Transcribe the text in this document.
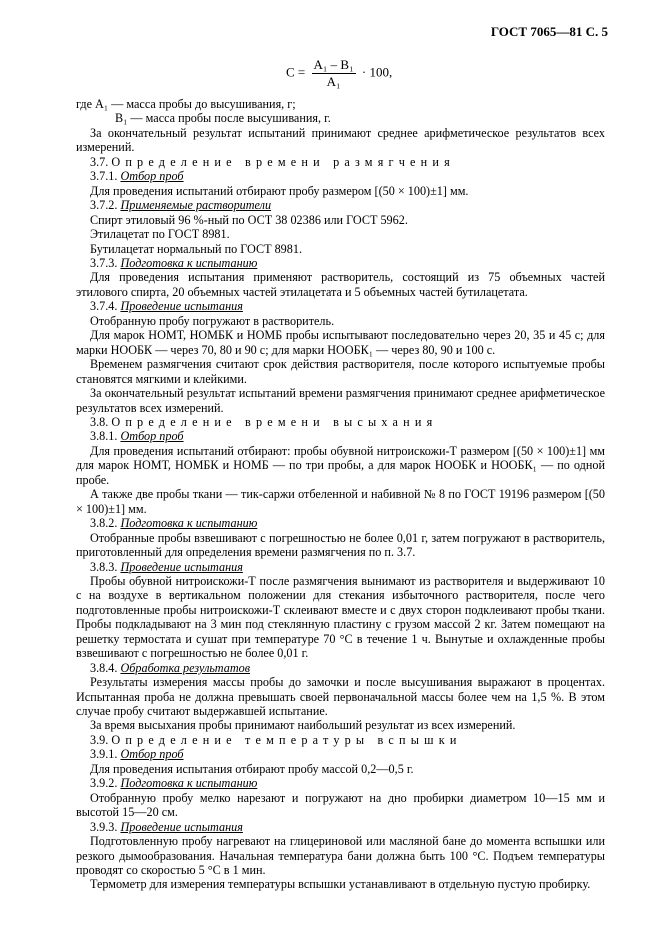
ГОСТ 7065—81 С. 5
$C = \frac{\text{A₁ – B₁}}{\text{A₁}} \cdot 100$,

где A₁ — масса пробы до высушивания, г;

B₁ — масса пробы после высушивания, г.

За окончательный результат испытаний принимают среднее арифметическое результатов всех измерений.

3.7. Определение времени размягчения

3.7.1. Отбор проб

Для проведения испытаний отбирают пробу размером [(50 × 100)±1] мм.

3.7.2. Применяемые растворители

Спирт этиловый 96 %-ный по ОСТ 38 02386 или ГОСТ 5962.

Этилацетат по ГОСТ 8981.

Бутилацетат нормальный по ГОСТ 8981.

3.7.3. Подготовка к испытанию

Для проведения испытания применяют растворитель, состоящий из 75 объемных частей этилового спирта, 20 объемных частей этилацетата и 5 объемных частей бутилацетата.

3.7.4. Проведение испытания

Отобранную пробу погружают в растворитель.

Для марок НОМТ, НОМБК и НОМБ пробы испытывают последовательно через 20, 35 и 45 с; для марки НООБК — через 70, 80 и 90 с; для марки НООБК₁ — через 80, 90 и 100 с.

Временем размягчения считают срок действия растворителя, после которого испытуемые пробы становятся мягкими и клейкими.

За окончательный результат испытаний времени размягчения принимают среднее арифметическое результатов всех измерений.

3.8. Определение времени высыхания

3.8.1. Отбор проб

Для проведения испытаний отбирают: пробы обувной нитроискожи-Т размером [(50 × 100)±1] мм для марок НОМТ, НОМБК и НОМБ — по три пробы, а для марок НООБК и НООБК₁ — по одной пробе.

А также две пробы ткани — тик-саржи отбеленной и набивной № 8 по ГОСТ 19196 размером [(50 × 100)±1] мм.

3.8.2. Подготовка к испытанию

Отобранные пробы взвешивают с погрешностью не более 0,01 г, затем погружают в растворитель, приготовленный для определения времени размягчения по п. 3.7.

3.8.3. Проведение испытания

Пробы обувной нитроискожи-Т после размягчения вынимают из растворителя и выдерживают 10 с на воздухе в вертикальном положении для стекания избыточного растворителя, после чего подготовленные пробы нитроискожи-Т склеивают вместе и с двух сторон подклеивают пробы ткани. Пробы подкладывают на 3 мин под стеклянную пластину с грузом массой 2 кг. Затем помещают на решетку термостата и сушат при температуре 70 °С в течение 1 ч. Вынутые и охлажденные пробы взвешивают с погрешностью не более 0,01 г.

3.8.4. Обработка результатов

Результаты измерения массы пробы до замочки и после высушивания выражают в процентах. Испытанная проба не должна превышать своей первоначальной массы более чем на 1,5 %. В этом случае пробу считают выдержавшей испытание.

За время высыхания пробы принимают наибольший результат из всех измерений.

3.9. Определение температуры вспышки

3.9.1. Отбор проб

Для проведения испытания отбирают пробу массой 0,2—0,5 г.

3.9.2. Подготовка к испытанию

Отобранную пробу мелко нарезают и погружают на дно пробирки диаметром 10—15 мм и высотой 15—20 см.

3.9.3. Проведение испытания

Подготовленную пробу нагревают на глицериновой или масляной бане до момента вспышки или резкого дымообразования. Начальная температура бани должна быть 100 °С. Подъем температуры проводят со скоростью 5 °С в 1 мин.

Термометр для измерения температуры вспышки устанавливают в отдельную пустую пробирку.
